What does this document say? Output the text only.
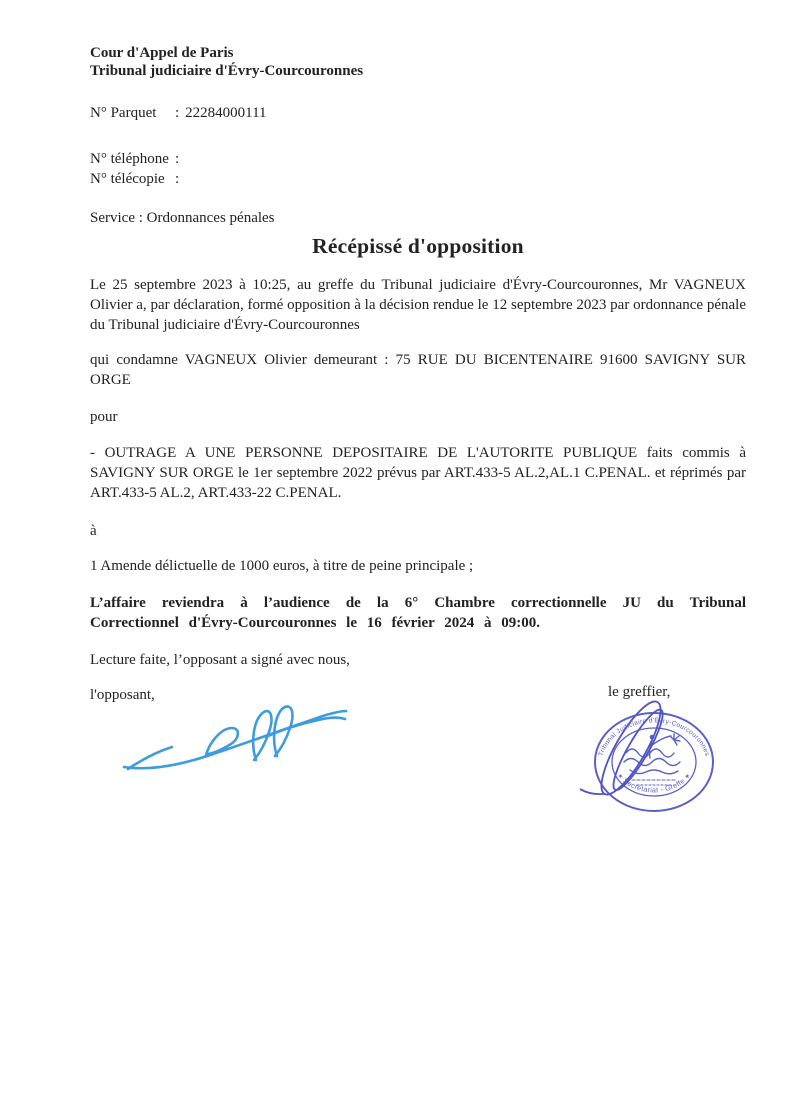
Cour d'Appel de Paris
Tribunal judiciaire d'Évry-Courcouronnes
N° Parquet : 22284000111
N° téléphone :
N° télécopie :
Service : Ordonnances pénales
Récépissé d'opposition

Le 25 septembre 2023 à 10:25, au greffe du Tribunal judiciaire d'Évry-Courcouronnes, Mr VAGNEUX Olivier a, par déclaration, formé opposition à la décision rendue le 12 septembre 2023 par ordonnance pénale du Tribunal judiciaire d'Évry-Courcouronnes

qui condamne VAGNEUX Olivier demeurant : 75 RUE DU BICENTENAIRE 91600 SAVIGNY SUR ORGE

pour

- OUTRAGE A UNE PERSONNE DEPOSITAIRE DE L'AUTORITE PUBLIQUE faits commis à SAVIGNY SUR ORGE le 1er septembre 2022 prévus par ART.433-5 AL.2,AL.1 C.PENAL. et réprimés par ART.433-5 AL.2, ART.433-22 C.PENAL.

à

1 Amende délictuelle de 1000 euros, à titre de peine principale ;

L’affaire reviendra à l’audience de la 6° Chambre correctionnelle JU du Tribunal Correctionnel d'Évry-Courcouronnes le 16 février 2024 à 09:00.

Lecture faite, l’opposant a signé avec nous,

l'opposant,	le greffier,
Tribunal Judiciaire d'Évry-Courcouronnes
✶ Secrétariat - Greffe ✶
